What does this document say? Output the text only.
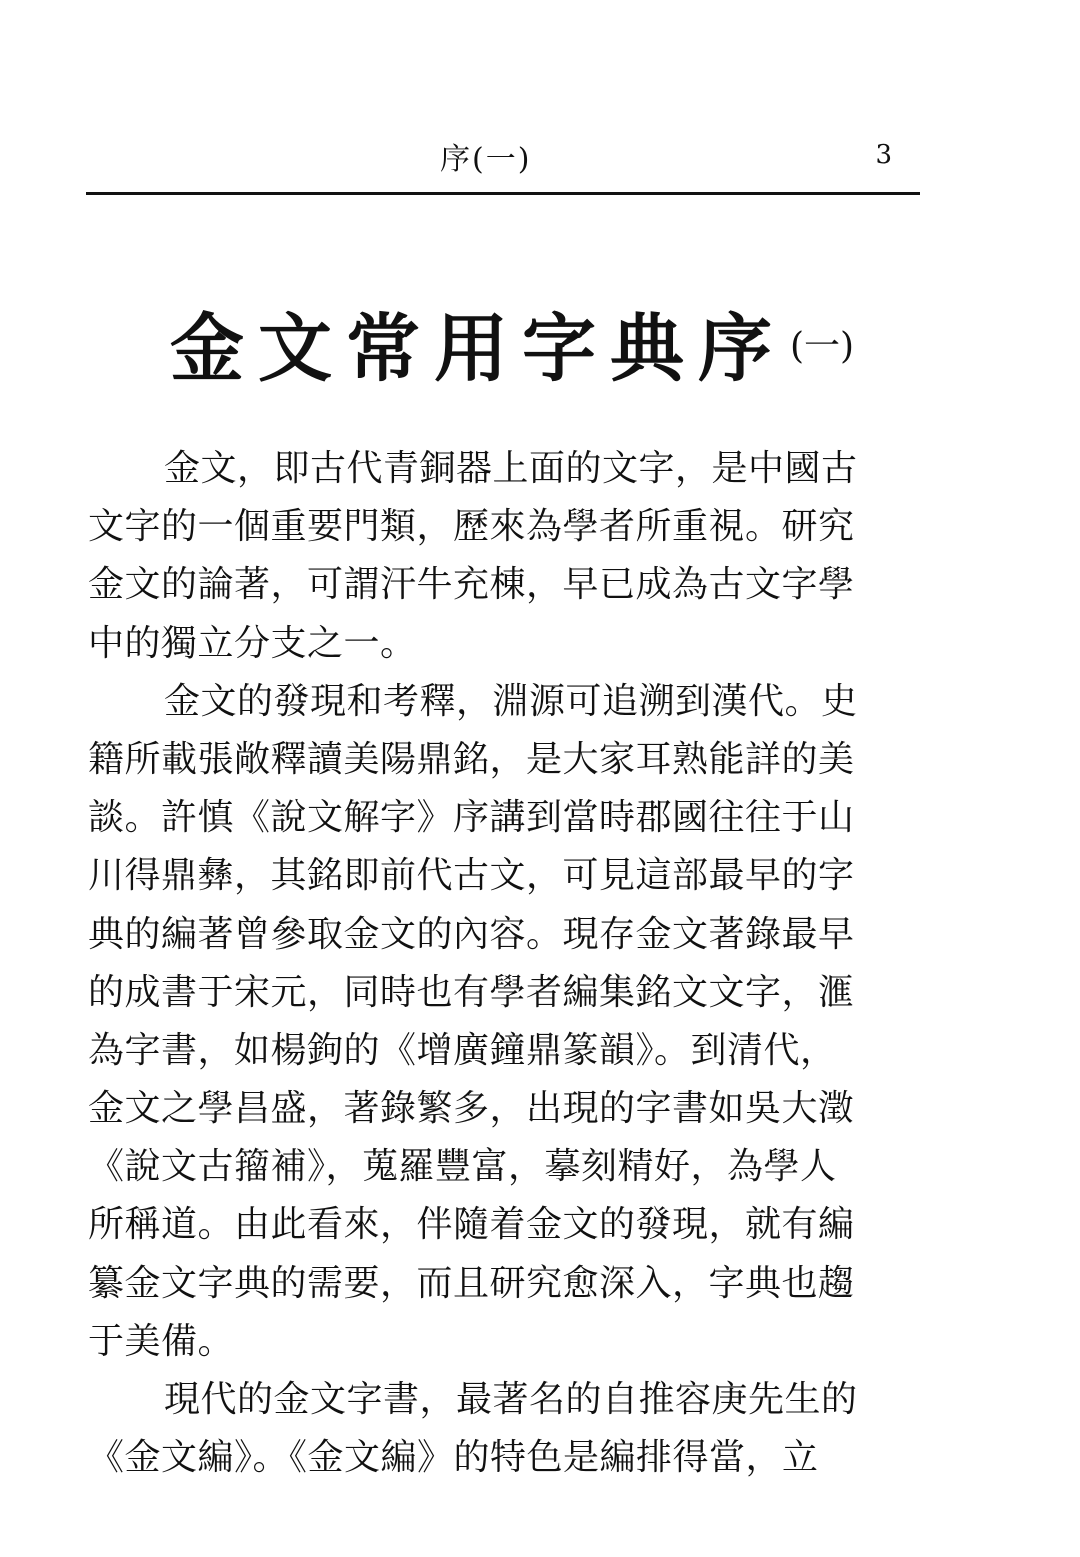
序(一)	3
金文常用字典序 (一)
金文，即古代青銅器上面的文字，是中國古
文字的一個重要門類，歷來為學者所重視。研究
金文的論著，可謂汗牛充棟，早已成為古文字學
中的獨立分支之一。
金文的發現和考釋，淵源可追溯到漢代。史
籍所載張敞釋讀美陽鼎銘，是大家耳熟能詳的美
談。許慎《說文解字》序講到當時郡國往往于山
川得鼎彝，其銘即前代古文，可見這部最早的字
典的編著曾參取金文的內容。現存金文著錄最早
的成書于宋元，同時也有學者編集銘文文字，滙
為字書，如楊鉤的《增廣鐘鼎篆韻》。到清代，
金文之學昌盛，著錄繁多，出現的字書如吳大澂
《說文古籀補》，蒐羅豐富，摹刻精好，為學人
所稱道。由此看來，伴隨着金文的發現，就有編
纂金文字典的需要，而且研究愈深入，字典也趨
于美備。
現代的金文字書，最著名的自推容庚先生的
《金文編》。《金文編》的特色是編排得當，立
